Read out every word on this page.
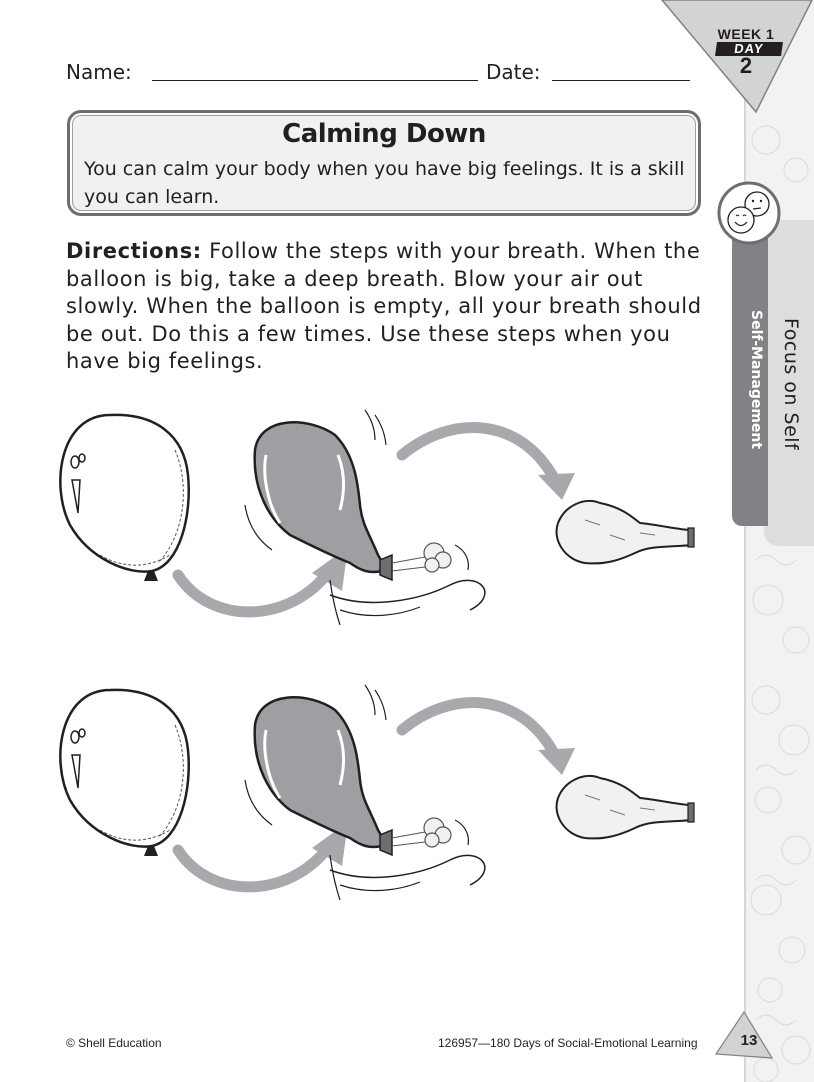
WEEK 1
DAY
2
Name:	Date:
Calming Down
You can calm your body when you have big feelings. It is a skill you can learn.
Focus on Self
Self-Management
Directions: Follow the steps with your breath. When the balloon is big, take a deep breath. Blow your air out slowly. When the balloon is empty, all your breath should be out. Do this a few times. Use these steps when you have big feelings.
© Shell Education	126957—180 Days of Social-Emotional Learning	13
